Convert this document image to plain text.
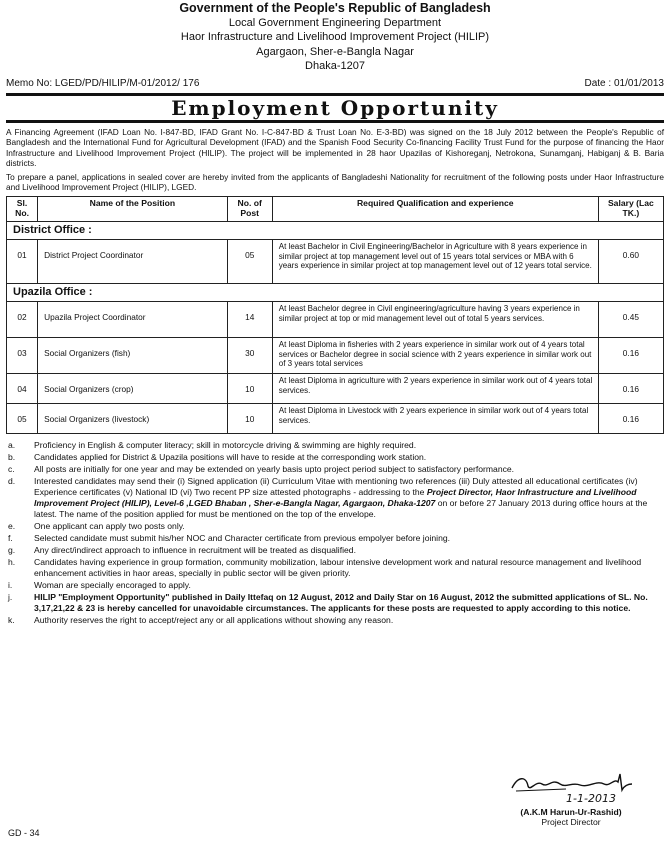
Government of the People's Republic of Bangladesh
Local Government Engineering Department
Haor Infrastructure and Livelihood Improvement Project (HILIP)
Agargaon, Sher-e-Bangla Nagar
Dhaka-1207
Memo No: LGED/PD/HILIP/M-01/2012/ 176	Date : 01/01/2013
Employment Opportunity

A Financing Agreement (IFAD Loan No. I-847-BD, IFAD Grant No. I-C-847-BD & Trust Loan No. E-3-BD) was signed on the 18 July 2012 between the People's Republic of Bangladesh and the International Fund for Agricultural Development (IFAD) and the Spanish Food Security Co-financing Facility Trust Fund for the purpose of financing the Haor Infrastructure and Livelihood Improvement Project (HILIP). The project will be implemented in 28 haor Upazilas of Kishoreganj, Netrokona, Sunamganj, Habiganj & B. Baria districts.

To prepare a panel, applications in sealed cover are hereby invited from the applicants of Bangladeshi Nationality for recruitment of the following posts under Haor Infrastructure and Livelihood Improvement Project (HILIP), LGED.

Sl. No.	Name of the Position	No. of Post	Required Qualification and experience	Salary (Lac TK.)
District Office :				
01	District Project Coordinator	05	At least Bachelor in Civil Engineering/Bachelor in Agriculture with 8 years experience in similar project at top management level out of 15 years total services or MBA with 6 years experience in similar project at top management level out of 12 years total service.	0.60
Upazila Office :				
02	Upazila Project Coordinator	14	At least Bachelor degree in Civil engineering/agriculture having 3 years experience in similar project at top or mid management level out of total 5 years services.	0.45
03	Social Organizers (fish)	30	At least Diploma in fisheries with 2 years experience in similar work out of 4 years total services or Bachelor degree in social science with 2 years experience in similar work out of 3 years total services	0.16
04	Social Organizers (crop)	10	At least Diploma in agriculture with 2 years experience in similar work out of 4 years total services.	0.16
05	Social Organizers (livestock)	10	At least Diploma in Livestock with 2 years experience in similar work out of 4 years total services.	0.16
a. Proficiency in English & computer literacy; skill in motorcycle driving & swimming are highly required.
b. Candidates applied for District & Upazila positions will have to reside at the corresponding work station.
c. All posts are initially for one year and may be extended on yearly basis upto project period subject to satisfactory performance.
d. Interested candidates may send their (i) Signed application (ii) Curriculum Vitae with mentioning two references (iii) Duly attested all educational certificates (iv) Experience certificates (v) National ID (vi) Two recent PP size attested photographs - addressing to the Project Director, Haor Infrastructure and Livelihood Improvement Project (HILIP), Level-6 ,LGED Bhaban , Sher-e-Bangla Nagar, Agargaon, Dhaka-1207 on or before 27 January 2013 during office hours at the latest. The name of the position applied for must be mentioned on the top of the envelope.
e. One applicant can apply two posts only.
f. Selected candidate must submit his/her NOC and Character certificate from previous empolyer before joining.
g. Any direct/indirect approach to influence in recruitment will be treated as disqualified.
h. Candidates having experience in group formation, community mobilization, labour intensive development work and natural resource management and livelihood enhancement activities in haor areas, specially in public sector will be given priority.
i.	Woman are specially encoraged to apply.
j.	HILIP "Employment Opportunity" published in Daily Ittefaq on 12 August, 2012 and Daily Star on 16 August, 2012 the submitted applications of SL. No. 3,17,21,22 & 23 is hereby cancelled for unavoidable circumstances. The applicants for these posts are requested to apply according to this notice.
k. Authority reserves the right to accept/reject any or all applications without showing any reason.
1-1-2013
(A.K.M Harun-Ur-Rashid)
Project Director
GD - 34
